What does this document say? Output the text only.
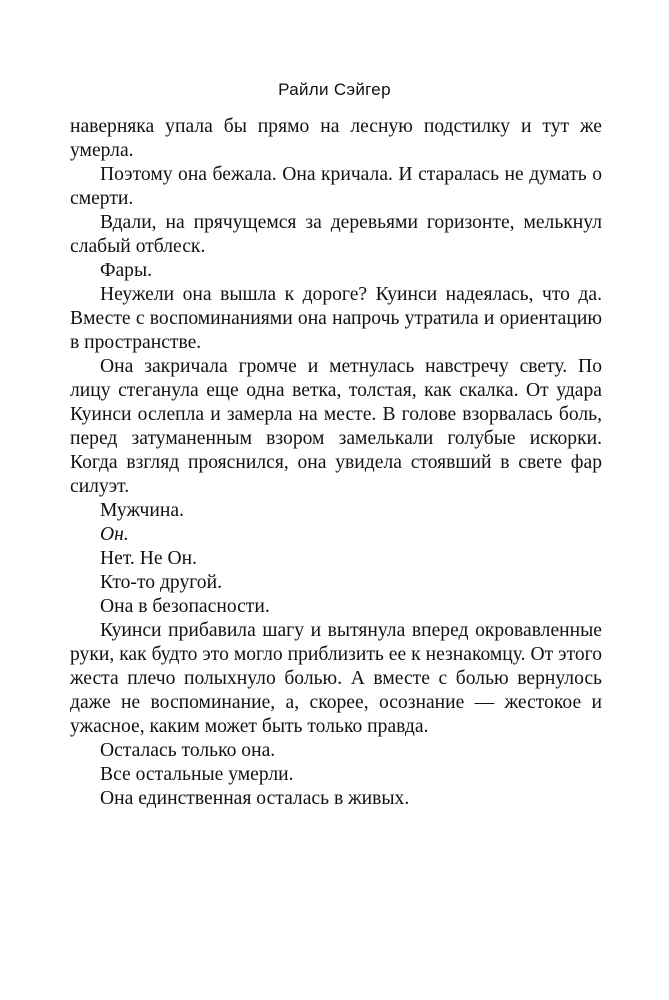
Райли Сэйгер

наверняка упала бы прямо на лесную подстилку и тут же умерла.

Поэтому она бежала. Она кричала. И старалась не думать о смерти.

Вдали, на прячущемся за деревьями горизонте, мелькнул слабый отблеск.

Фары.

Неужели она вышла к дороге? Куинси надеялась, что да. Вместе с воспоминаниями она напрочь утратила и ориентацию в пространстве.

Она закричала громче и метнулась навстречу свету. По лицу стеганула еще одна ветка, толстая, как скалка. От удара Куинси ослепла и замерла на месте. В голове взорвалась боль, перед затуманенным взором замелькали голубые искорки. Когда взгляд прояснился, она увидела стоявший в свете фар силуэт.

Мужчина.

Он.

Нет. Не Он.

Кто-то другой.

Она в безопасности.

Куинси прибавила шагу и вытянула вперед окровавленные руки, как будто это могло приблизить ее к незнакомцу. От этого жеста плечо полыхнуло болью. А вместе с болью вернулось даже не воспоминание, а, скорее, осознание — жестокое и ужасное, каким может быть только правда.

Осталась только она.

Все остальные умерли.

Она единственная осталась в живых.
